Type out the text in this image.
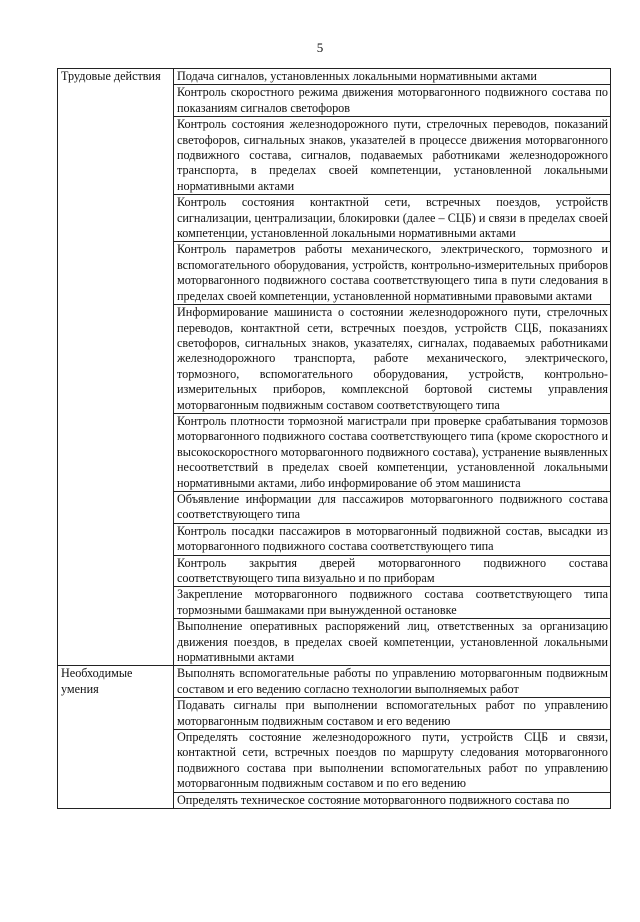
5
Трудовые действия	Подача сигналов, установленных локальными нормативными актами
	Контроль скоростного режима движения моторвагонного подвижного состава по показаниям сигналов светофоров
	Контроль состояния железнодорожного пути, стрелочных переводов, показаний светофоров, сигнальных знаков, указателей в процессе движения моторвагонного подвижного состава, сигналов, подаваемых работниками железнодорожного транспорта, в пределах своей компетенции, установленной локальными нормативными актами
	Контроль состояния контактной сети, встречных поездов, устройств сигнализации, централизации, блокировки (далее – СЦБ) и связи в пределах своей компетенции, установленной локальными нормативными актами
	Контроль параметров работы механического, электрического, тормозного и вспомогательного оборудования, устройств, контрольно-измерительных приборов моторвагонного подвижного состава соответствующего типа в пути следования в пределах своей компетенции, установленной нормативными правовыми актами
	Информирование машиниста о состоянии железнодорожного пути, стрелочных переводов, контактной сети, встречных поездов, устройств СЦБ, показаниях светофоров, сигнальных знаков, указателях, сигналах, подаваемых работниками железнодорожного транспорта, работе механического, электрического, тормозного, вспомогательного оборудования, устройств, контрольно-измерительных приборов, комплексной бортовой системы управления моторвагонным подвижным составом соответствующего типа
	Контроль плотности тормозной магистрали при проверке срабатывания тормозов моторвагонного подвижного состава соответствующего типа (кроме скоростного и высокоскоростного моторвагонного подвижного состава), устранение выявленных несоответствий в пределах своей компетенции, установленной локальными нормативными актами, либо информирование об этом машиниста
	Объявление информации для пассажиров моторвагонного подвижного состава соответствующего типа
	Контроль посадки пассажиров в моторвагонный подвижной состав, высадки из моторвагонного подвижного состава соответствующего типа
	Контроль закрытия дверей моторвагонного подвижного состава соответствующего типа визуально и по приборам
	Закрепление моторвагонного подвижного состава соответствующего типа тормозными башмаками при вынужденной остановке
	Выполнение оперативных распоряжений лиц, ответственных за организацию движения поездов, в пределах своей компетенции, установленной локальными нормативными актами
Необходимые умения	Выполнять вспомогательные работы по управлению моторвагонным подвижным составом и его ведению согласно технологии выполняемых работ
	Подавать сигналы при выполнении вспомогательных работ по управлению моторвагонным подвижным составом и его ведению
	Определять состояние железнодорожного пути, устройств СЦБ и связи, контактной сети, встречных поездов по маршруту следования моторвагонного подвижного состава при выполнении вспомогательных работ по управлению моторвагонным подвижным составом и по его ведению
	Определять техническое состояние моторвагонного подвижного состава по
